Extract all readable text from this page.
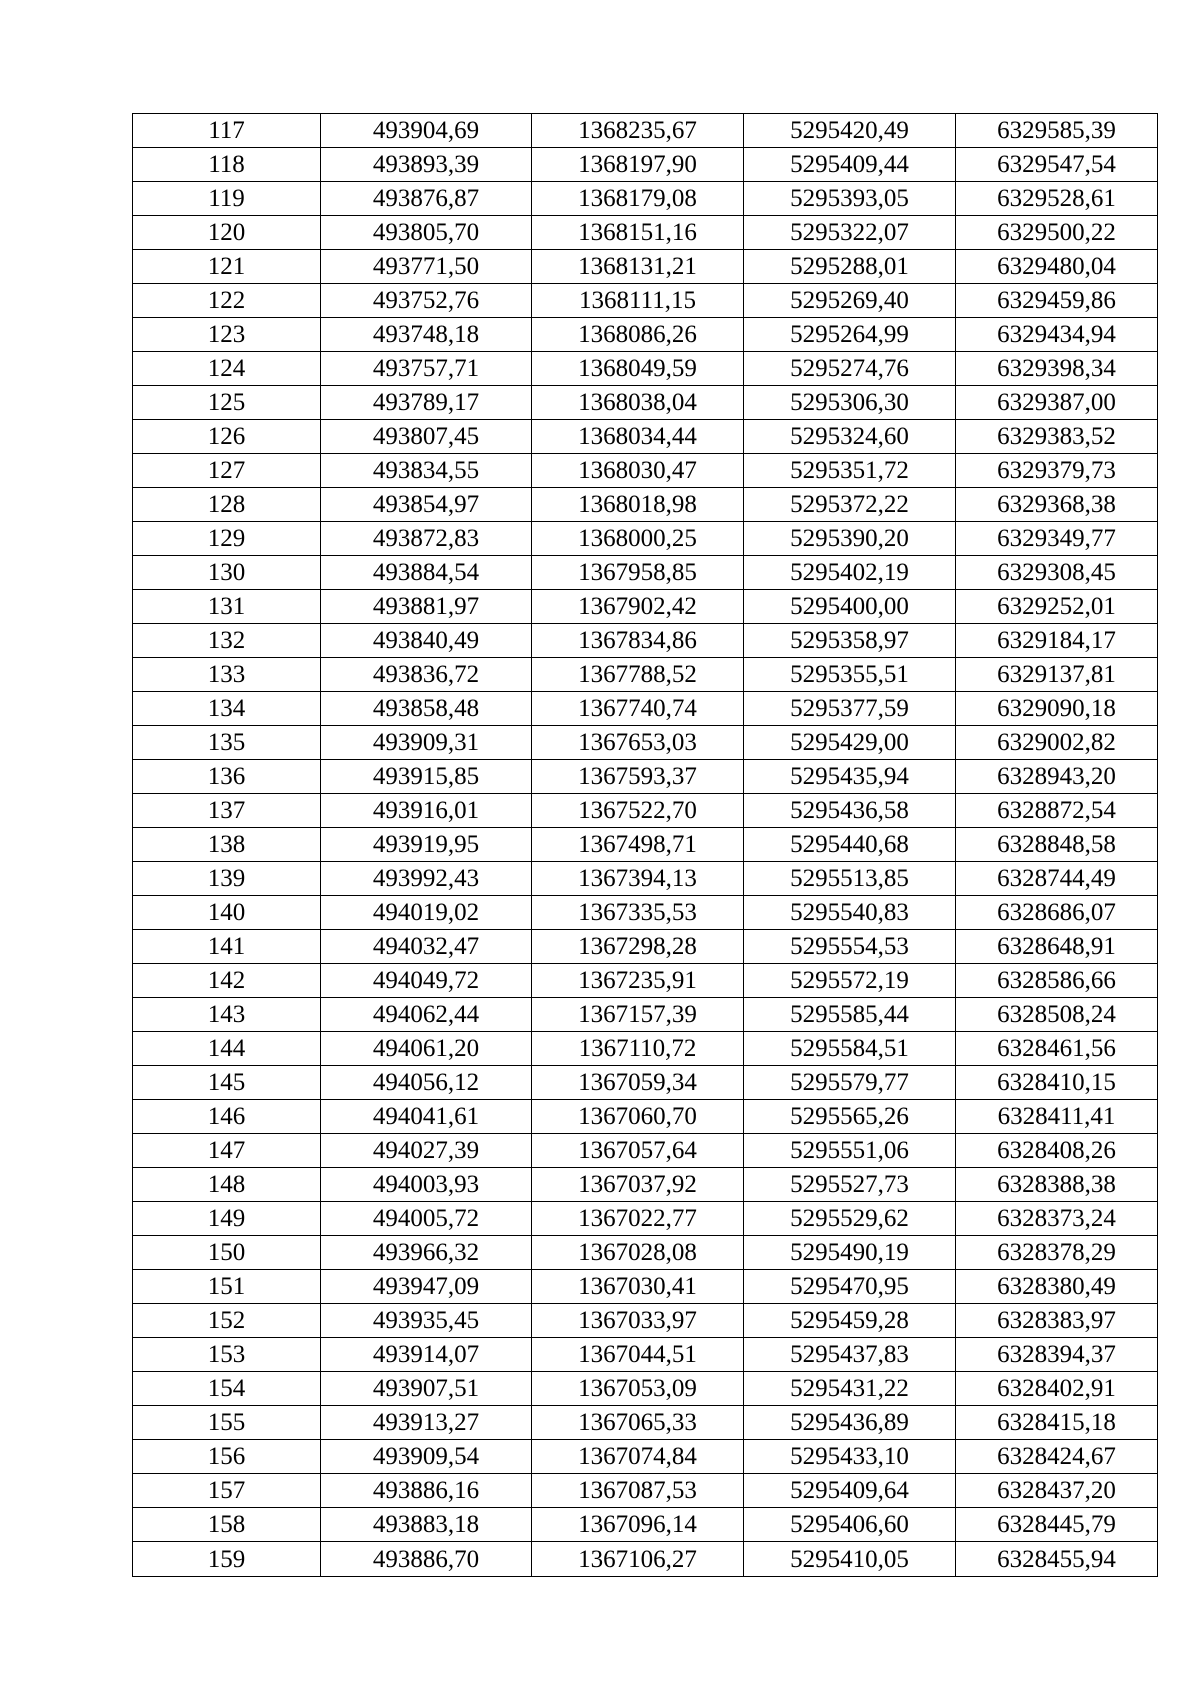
117	493904,69	1368235,67	5295420,49	6329585,39
118	493893,39	1368197,90	5295409,44	6329547,54
119	493876,87	1368179,08	5295393,05	6329528,61
120	493805,70	1368151,16	5295322,07	6329500,22
121	493771,50	1368131,21	5295288,01	6329480,04
122	493752,76	1368111,15	5295269,40	6329459,86
123	493748,18	1368086,26	5295264,99	6329434,94
124	493757,71	1368049,59	5295274,76	6329398,34
125	493789,17	1368038,04	5295306,30	6329387,00
126	493807,45	1368034,44	5295324,60	6329383,52
127	493834,55	1368030,47	5295351,72	6329379,73
128	493854,97	1368018,98	5295372,22	6329368,38
129	493872,83	1368000,25	5295390,20	6329349,77
130	493884,54	1367958,85	5295402,19	6329308,45
131	493881,97	1367902,42	5295400,00	6329252,01
132	493840,49	1367834,86	5295358,97	6329184,17
133	493836,72	1367788,52	5295355,51	6329137,81
134	493858,48	1367740,74	5295377,59	6329090,18
135	493909,31	1367653,03	5295429,00	6329002,82
136	493915,85	1367593,37	5295435,94	6328943,20
137	493916,01	1367522,70	5295436,58	6328872,54
138	493919,95	1367498,71	5295440,68	6328848,58
139	493992,43	1367394,13	5295513,85	6328744,49
140	494019,02	1367335,53	5295540,83	6328686,07
141	494032,47	1367298,28	5295554,53	6328648,91
142	494049,72	1367235,91	5295572,19	6328586,66
143	494062,44	1367157,39	5295585,44	6328508,24
144	494061,20	1367110,72	5295584,51	6328461,56
145	494056,12	1367059,34	5295579,77	6328410,15
146	494041,61	1367060,70	5295565,26	6328411,41
147	494027,39	1367057,64	5295551,06	6328408,26
148	494003,93	1367037,92	5295527,73	6328388,38
149	494005,72	1367022,77	5295529,62	6328373,24
150	493966,32	1367028,08	5295490,19	6328378,29
151	493947,09	1367030,41	5295470,95	6328380,49
152	493935,45	1367033,97	5295459,28	6328383,97
153	493914,07	1367044,51	5295437,83	6328394,37
154	493907,51	1367053,09	5295431,22	6328402,91
155	493913,27	1367065,33	5295436,89	6328415,18
156	493909,54	1367074,84	5295433,10	6328424,67
157	493886,16	1367087,53	5295409,64	6328437,20
158	493883,18	1367096,14	5295406,60	6328445,79
159	493886,70	1367106,27	5295410,05	6328455,94
